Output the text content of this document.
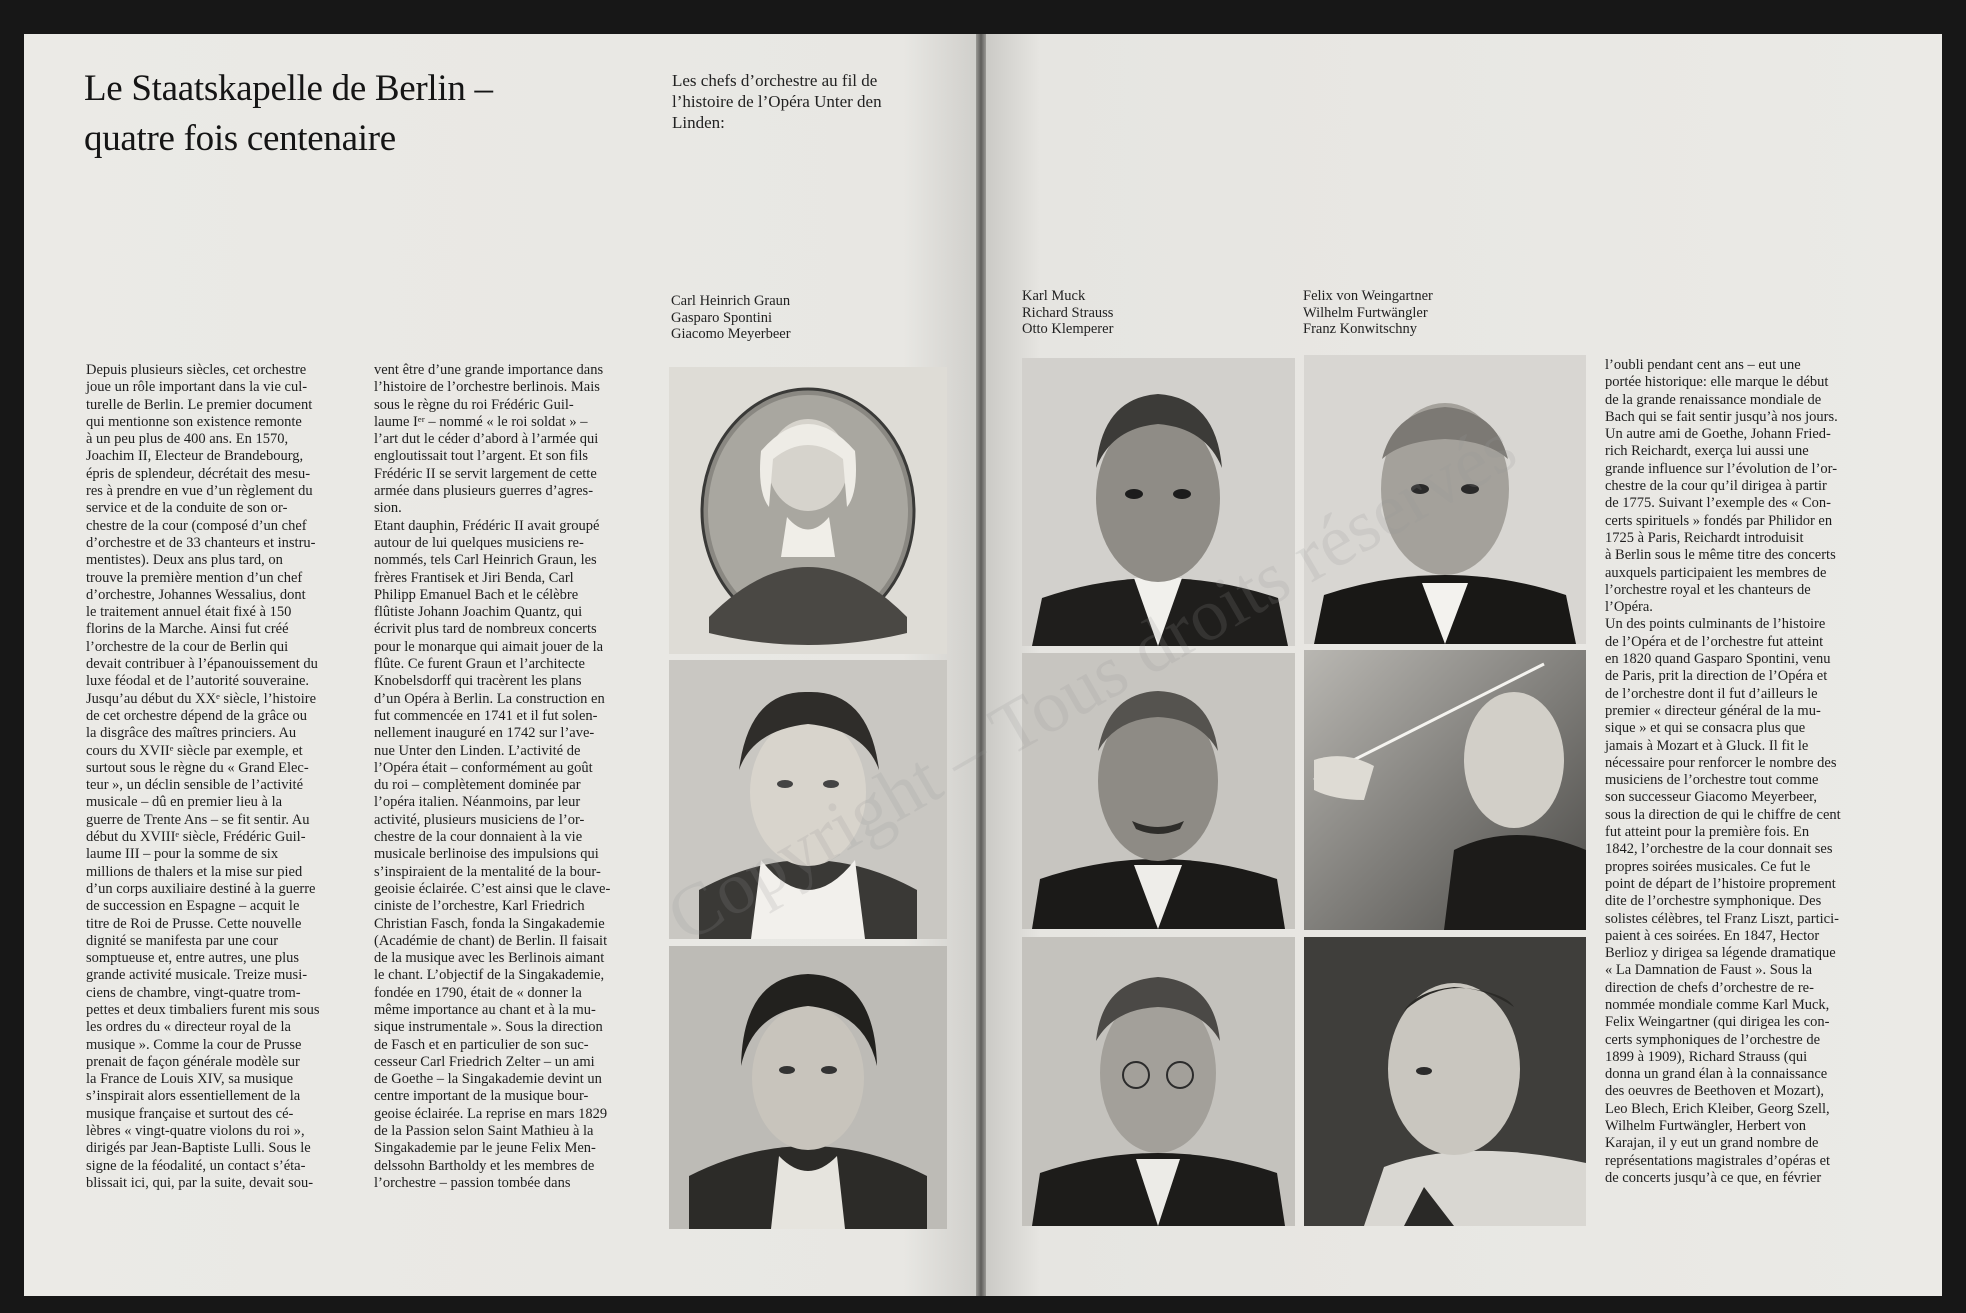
Le Staatskapelle de Berlin –
quatre fois centenaire
Les chefs d’orchestre au fil de
l’histoire de l’Opéra Unter den
Linden:
Carl Heinrich Graun
Gasparo Spontini
Giacomo Meyerbeer
Karl Muck
Richard Strauss
Otto Klemperer
Felix von Weingartner
Wilhelm Furtwängler
Franz Konwitschny
Depuis plusieurs siècles, cet orchestre
joue un rôle important dans la vie cul-
turelle de Berlin. Le premier document
qui mentionne son existence remonte
à un peu plus de 400 ans. En 1570,
Joachim II, Electeur de Brandebourg,
épris de splendeur, décrétait des mesu-
res à prendre en vue d’un règlement du
service et de la conduite de son or-
chestre de la cour (composé d’un chef
d’orchestre et de 33 chanteurs et instru-
mentistes). Deux ans plus tard, on
trouve la première mention d’un chef
d’orchestre, Johannes Wessalius, dont
le traitement annuel était fixé à 150
florins de la Marche. Ainsi fut créé
l’orchestre de la cour de Berlin qui
devait contribuer à l’épanouissement du
luxe féodal et de l’autorité souveraine.
Jusqu’au début du XXᵉ siècle, l’histoire
de cet orchestre dépend de la grâce ou
la disgrâce des maîtres princiers. Au
cours du XVIIᵉ siècle par exemple, et
surtout sous le règne du « Grand Elec-
teur », un déclin sensible de l’activité
musicale – dû en premier lieu à la
guerre de Trente Ans – se fit sentir. Au
début du XVIIIᵉ siècle, Frédéric Guil-
laume III – pour la somme de six
millions de thalers et la mise sur pied
d’un corps auxiliaire destiné à la guerre
de succession en Espagne – acquit le
titre de Roi de Prusse. Cette nouvelle
dignité se manifesta par une cour
somptueuse et, entre autres, une plus
grande activité musicale. Treize musi-
ciens de chambre, vingt-quatre trom-
pettes et deux timbaliers furent mis sous
les ordres du « directeur royal de la
musique ». Comme la cour de Prusse
prenait de façon générale modèle sur
la France de Louis XIV, sa musique
s’inspirait alors essentiellement de la
musique française et surtout des cé-
lèbres « vingt-quatre violons du roi »,
dirigés par Jean-Baptiste Lulli. Sous le
signe de la féodalité, un contact s’éta-
blissait ici, qui, par la suite, devait sou-
vent être d’une grande importance dans
l’histoire de l’orchestre berlinois. Mais
sous le règne du roi Frédéric Guil-
laume Iᵉʳ – nommé « le roi soldat » –
l’art dut le céder d’abord à l’armée qui
engloutissait tout l’argent. Et son fils
Frédéric II se servit largement de cette
armée dans plusieurs guerres d’agres-
sion.
Etant dauphin, Frédéric II avait groupé
autour de lui quelques musiciens re-
nommés, tels Carl Heinrich Graun, les
frères Frantisek et Jiri Benda, Carl
Philipp Emanuel Bach et le célèbre
flûtiste Johann Joachim Quantz, qui
écrivit plus tard de nombreux concerts
pour le monarque qui aimait jouer de la
flûte. Ce furent Graun et l’architecte
Knobelsdorff qui tracèrent les plans
d’un Opéra à Berlin. La construction en
fut commencée en 1741 et il fut solen-
nellement inauguré en 1742 sur l’ave-
nue Unter den Linden. L’activité de
l’Opéra était – conformément au goût
du roi – complètement dominée par
l’opéra italien. Néanmoins, par leur
activité, plusieurs musiciens de l’or-
chestre de la cour donnaient à la vie
musicale berlinoise des impulsions qui
s’inspiraient de la mentalité de la bour-
geoisie éclairée. C’est ainsi que le clave-
ciniste de l’orchestre, Karl Friedrich
Christian Fasch, fonda la Singakademie
(Académie de chant) de Berlin. Il faisait
de la musique avec les Berlinois aimant
le chant. L’objectif de la Singakademie,
fondée en 1790, était de « donner la
même importance au chant et à la mu-
sique instrumentale ». Sous la direction
de Fasch et en particulier de son suc-
cesseur Carl Friedrich Zelter – un ami
de Goethe – la Singakademie devint un
centre important de la musique bour-
geoise éclairée. La reprise en mars 1829
de la Passion selon Saint Mathieu à la
Singakademie par le jeune Felix Men-
delssohn Bartholdy et les membres de
l’orchestre – passion tombée dans
l’oubli pendant cent ans – eut une
portée historique: elle marque le début
de la grande renaissance mondiale de
Bach qui se fait sentir jusqu’à nos jours.
Un autre ami de Goethe, Johann Fried-
rich Reichardt, exerça lui aussi une
grande influence sur l’évolution de l’or-
chestre de la cour qu’il dirigea à partir
de 1775. Suivant l’exemple des « Con-
certs spirituels » fondés par Philidor en
1725 à Paris, Reichardt introduisit
à Berlin sous le même titre des concerts
auxquels participaient les membres de
l’orchestre royal et les chanteurs de
l’Opéra.
Un des points culminants de l’histoire
de l’Opéra et de l’orchestre fut atteint
en 1820 quand Gasparo Spontini, venu
de Paris, prit la direction de l’Opéra et
de l’orchestre dont il fut d’ailleurs le
premier « directeur général de la mu-
sique » et qui se consacra plus que
jamais à Mozart et à Gluck. Il fit le
nécessaire pour renforcer le nombre des
musiciens de l’orchestre tout comme
son successeur Giacomo Meyerbeer,
sous la direction de qui le chiffre de cent
fut atteint pour la première fois. En
1842, l’orchestre de la cour donnait ses
propres soirées musicales. Ce fut le
point de départ de l’histoire proprement
dite de l’orchestre symphonique. Des
solistes célèbres, tel Franz Liszt, partici-
paient à ces soirées. En 1847, Hector
Berlioz y dirigea sa légende dramatique
« La Damnation de Faust ». Sous la
direction de chefs d’orchestre de re-
nommée mondiale comme Karl Muck,
Felix Weingartner (qui dirigea les con-
certs symphoniques de l’orchestre de
1899 à 1909), Richard Strauss (qui
donna un grand élan à la connaissance
des oeuvres de Beethoven et Mozart),
Leo Blech, Erich Kleiber, Georg Szell,
Wilhelm Furtwängler, Herbert von
Karajan, il y eut un grand nombre de
représentations magistrales d’opéras et
de concerts jusqu’à ce que, en février
